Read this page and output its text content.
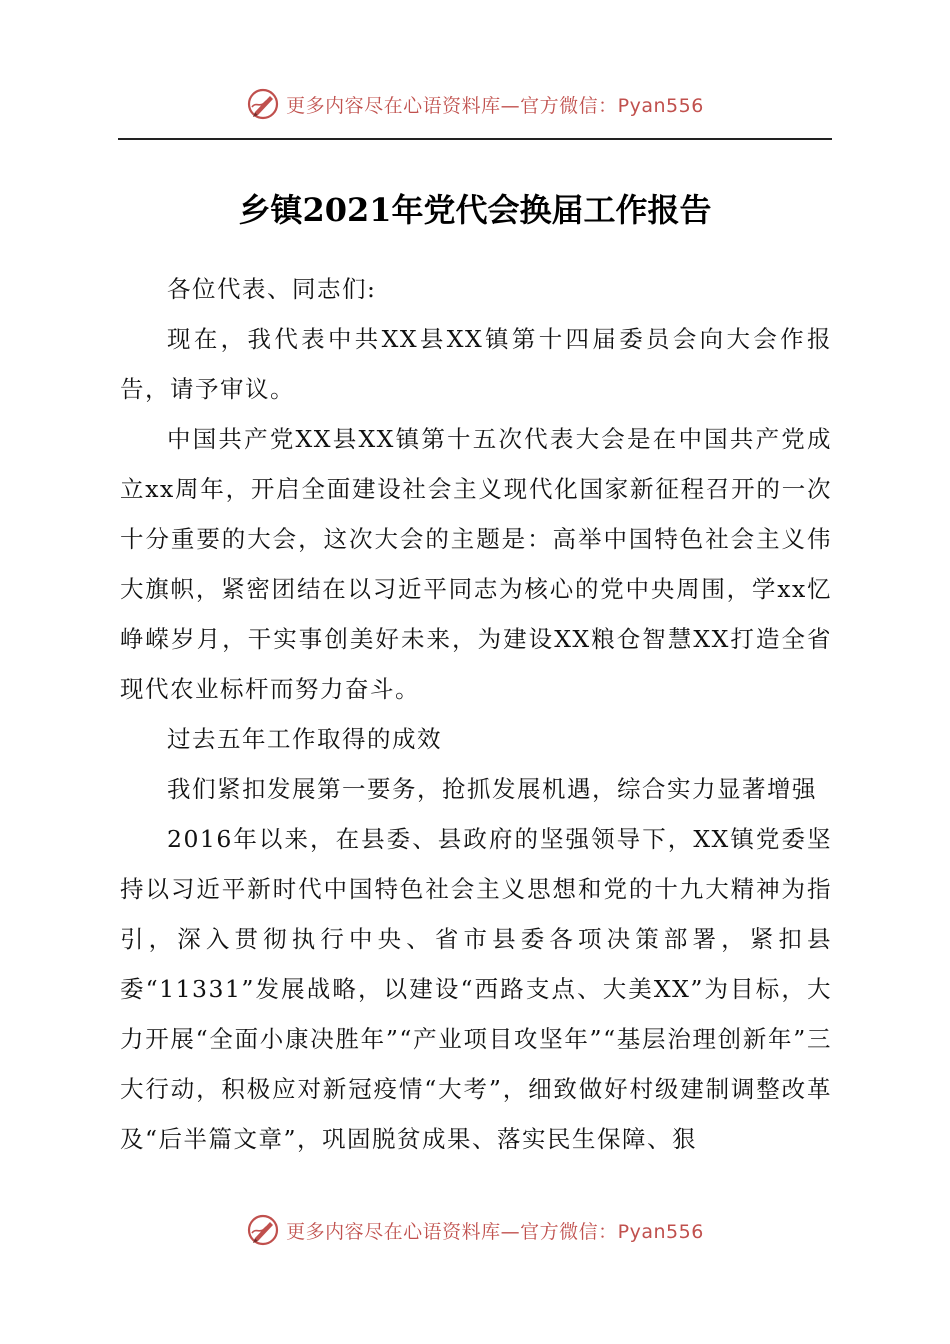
更多内容尽在心语资料库—官方微信：Pyan556
乡镇2021年党代会换届工作报告

各位代表、同志们:

现在，我代表中共XX县XX镇第十四届委员会向大会作报告，请予审议。

中国共产党XX县XX镇第十五次代表大会是在中国共产党成立xx周年，开启全面建设社会主义现代化国家新征程召开的一次十分重要的大会，这次大会的主题是：高举中国特色社会主义伟大旗帜，紧密团结在以习近平同志为核心的党中央周围，学xx忆峥嵘岁月，干实事创美好未来，为建设XX粮仓智慧XX打造全省现代农业标杆而努力奋斗。

过去五年工作取得的成效

我们紧扣发展第一要务，抢抓发展机遇，综合实力显著增强

2016年以来，在县委、县政府的坚强领导下，XX镇党委坚持以习近平新时代中国特色社会主义思想和党的十九大精神为指引，深入贯彻执行中央、省市县委各项决策部署，紧扣县委“11331”发展战略，以建设“西路支点、大美XX”为目标，大力开展“全面小康决胜年”“产业项目攻坚年”“基层治理创新年”三大行动，积极应对新冠疫情“大考”，细致做好村级建制调整改革及“后半篇文章”，巩固脱贫成果、落实民生保障、狠

更多内容尽在心语资料库—官方微信：Pyan556
